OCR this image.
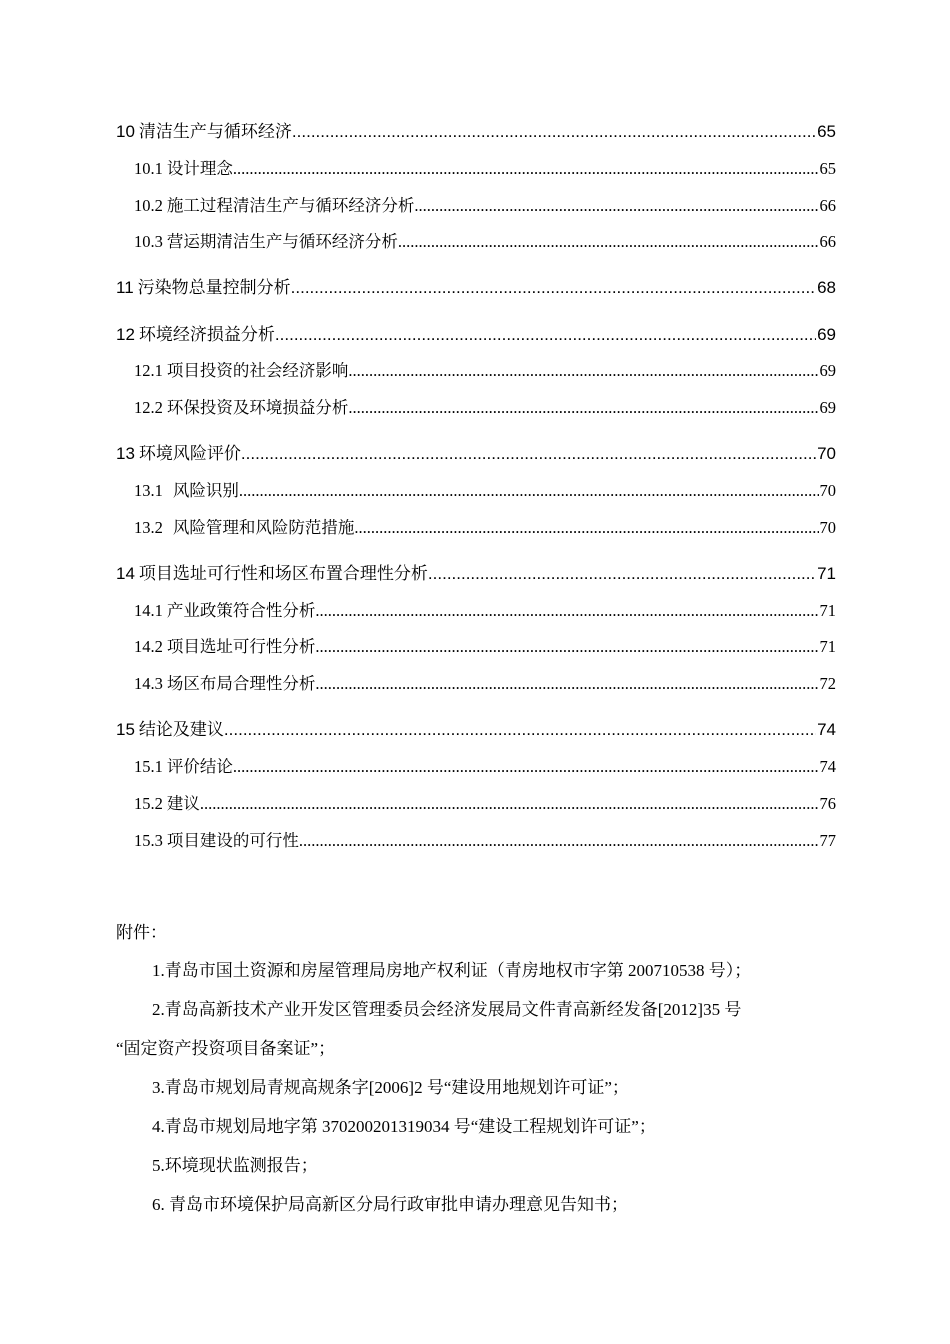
10 清洁生产与循环经济 .....	65
10.1 设计理念 .....	65
10.2 施工过程清洁生产与循环经济分析 .....	66
10.3 营运期清洁生产与循环经济分析 .....	66
11 污染物总量控制分析 .....	68
12 环境经济损益分析 .....	69
12.1 项目投资的社会经济影响 .....	69
12.2 环保投资及环境损益分析 .....	69
13 环境风险评价 .....	70
13.1 风险识别 .....	70
13.2 风险管理和风险防范措施 .....	70
14 项目选址可行性和场区布置合理性分析 .....	71
14.1 产业政策符合性分析 .....	71
14.2 项目选址可行性分析 .....	71
14.3 场区布局合理性分析 .....	72
15 结论及建议 .....	74
15.1 评价结论 .....	74
15.2 建议 .....	76
15.3 项目建设的可行性 .....	77
附件：
1.青岛市国土资源和房屋管理局房地产权利证（青房地权市字第 200710538 号）；
2.青岛高新技术产业开发区管理委员会经济发展局文件青高新经发备[2012]35 号
“固定资产投资项目备案证”；
3.青岛市规划局青规高规条字[2006]2 号“建设用地规划许可证”；
4.青岛市规划局地字第 370200201319034 号“建设工程规划许可证”；
5.环境现状监测报告；
6. 青岛市环境保护局高新区分局行政审批申请办理意见告知书；
